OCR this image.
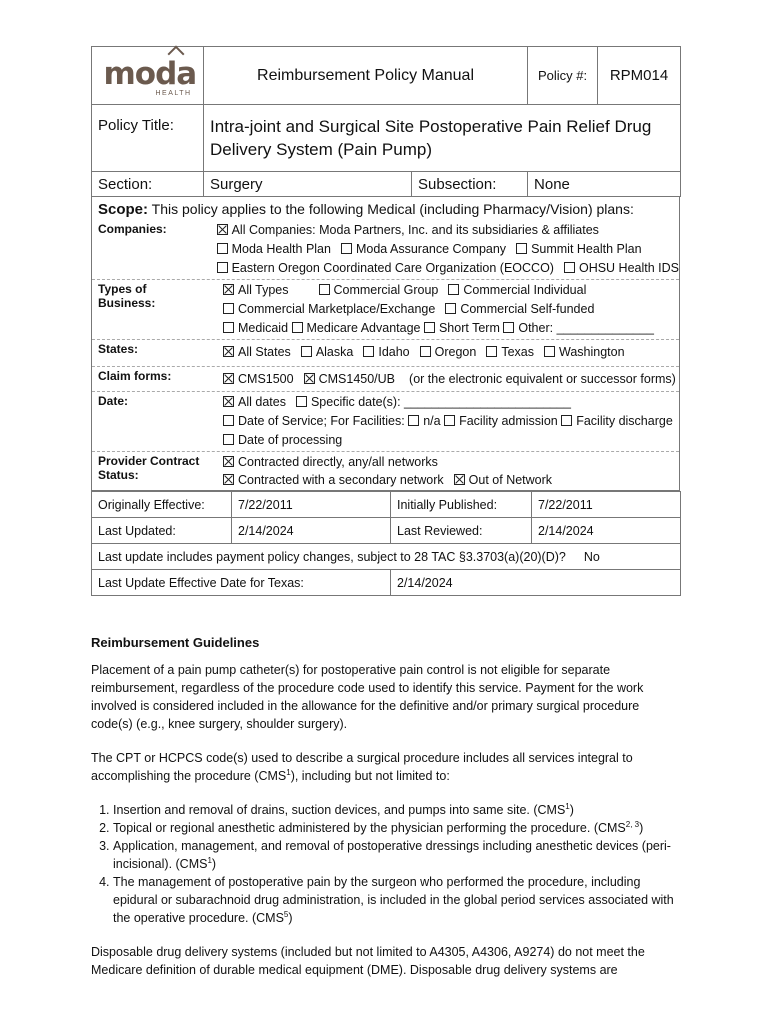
moda
HEALTH	Reimbursement Policy Manual		Policy #:	RPM014
Policy Title:	Intra-joint and Surgical Site Postoperative Pain Relief Drug Delivery System (Pain Pump)			
Section:	Surgery	Subsection:	None	
Scope: This policy applies to the following Medical (including Pharmacy/Vision) plans:
Companies:	All Companies: Moda Partners, Inc. and its subsidiaries & affiliates
Moda Health Plan Moda Assurance Company Summit Health Plan
Eastern Oregon Coordinated Care Organization (EOCCO) OHSU Health IDS
Types of
Business:
All Types	Commercial Group Commercial Individual
Commercial Marketplace/Exchange Commercial Self-funded
Medicaid Medicare Advantage Short Term Other: ______________
States:	All States Alaska Idaho Oregon Texas Washington
Claim forms:	CMS1500 CMS1450/UB (or the electronic equivalent or successor forms)
Date:	All dates Specific date(s): ________________________
Date of Service; For Facilities: n/a Facility admission Facility discharge
Date of processing
Provider Contract
Status:
Contracted directly, any/all networks
Contracted with a secondary network Out of Network
Originally Effective:	7/22/2011	Initially Published:	7/22/2011
Last Updated:	2/14/2024	Last Reviewed:	2/14/2024
Last update includes payment policy changes, subject to 28 TAC §3.3703(a)(20)(D)? No			
Last Update Effective Date for Texas:		2/14/2024	
Reimbursement Guidelines

Placement of a pain pump catheter(s) for postoperative pain control is not eligible for separate reimbursement, regardless of the procedure code used to identify this service. Payment for the work involved is considered included in the allowance for the definitive and/or primary surgical procedure code(s) (e.g., knee surgery, shoulder surgery).

The CPT or HCPCS code(s) used to describe a surgical procedure includes all services integral to accomplishing the procedure (CMS$^1$), including but not limited to:

1. Insertion and removal of drains, suction devices, and pumps into same site. (CMS$^1$)
2. Topical or regional anesthetic administered by the physician performing the procedure. (CMS$^{2, 3}$)
3. Application, management, and removal of postoperative dressings including anesthetic devices (peri-incisional). (CMS$^1$)
4. The management of postoperative pain by the surgeon who performed the procedure, including epidural or subarachnoid drug administration, is included in the global period services associated with the operative procedure. (CMS$^5$)

Disposable drug delivery systems (included but not limited to A4305, A4306, A9274) do not meet the Medicare definition of durable medical equipment (DME). Disposable drug delivery systems are
